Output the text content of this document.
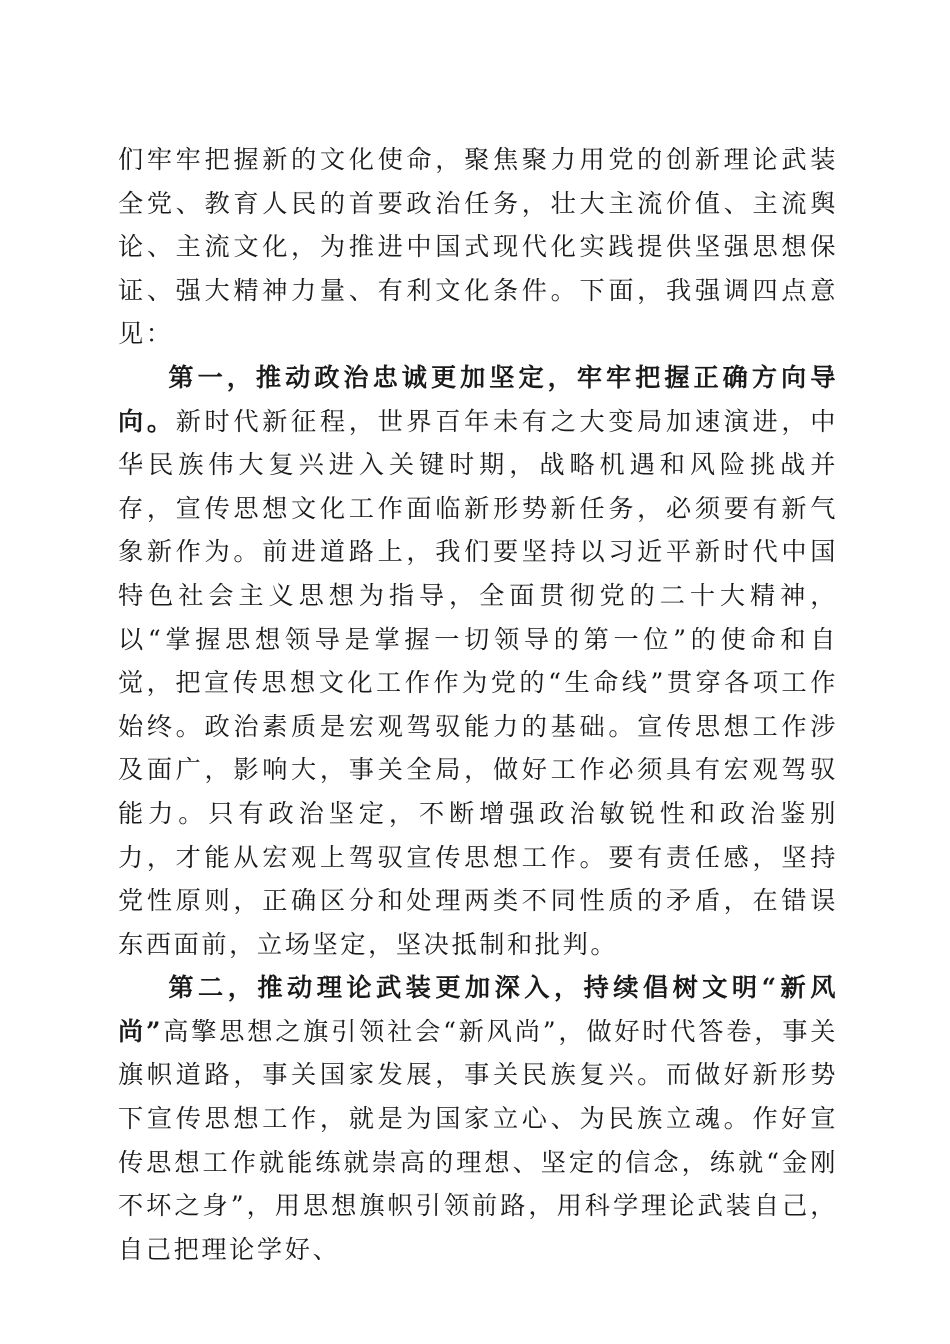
们牢牢把握新的文化使命，聚焦聚力用党的创新理论武装全党、教育人民的首要政治任务，壮大主流价值、主流舆论、主流文化，为推进中国式现代化实践提供坚强思想保证、强大精神力量、有利文化条件。下面，我强调四点意见：

第一，推动政治忠诚更加坚定，牢牢把握正确方向导向。新时代新征程，世界百年未有之大变局加速演进，中华民族伟大复兴进入关键时期，战略机遇和风险挑战并存，宣传思想文化工作面临新形势新任务，必须要有新气象新作为。前进道路上，我们要坚持以习近平新时代中国特色社会主义思想为指导，全面贯彻党的二十大精神，以“掌握思想领导是掌握一切领导的第一位”的使命和自觉，把宣传思想文化工作作为党的“生命线”贯穿各项工作始终。政治素质是宏观驾驭能力的基础。宣传思想工作涉及面广，影响大，事关全局，做好工作必须具有宏观驾驭能力。只有政治坚定，不断增强政治敏锐性和政治鉴别力，才能从宏观上驾驭宣传思想工作。要有责任感，坚持党性原则，正确区分和处理两类不同性质的矛盾，在错误东西面前，立场坚定，坚决抵制和批判。

第二，推动理论武装更加深入，持续倡树文明“新风尚”高擎思想之旗引领社会“新风尚”，做好时代答卷，事关旗帜道路，事关国家发展，事关民族复兴。而做好新形势下宣传思想工作，就是为国家立心、为民族立魂。作好宣传思想工作就能练就崇高的理想、坚定的信念，练就“金刚不坏之身”，用思想旗帜引领前路，用科学理论武装自己，自己把理论学好、
